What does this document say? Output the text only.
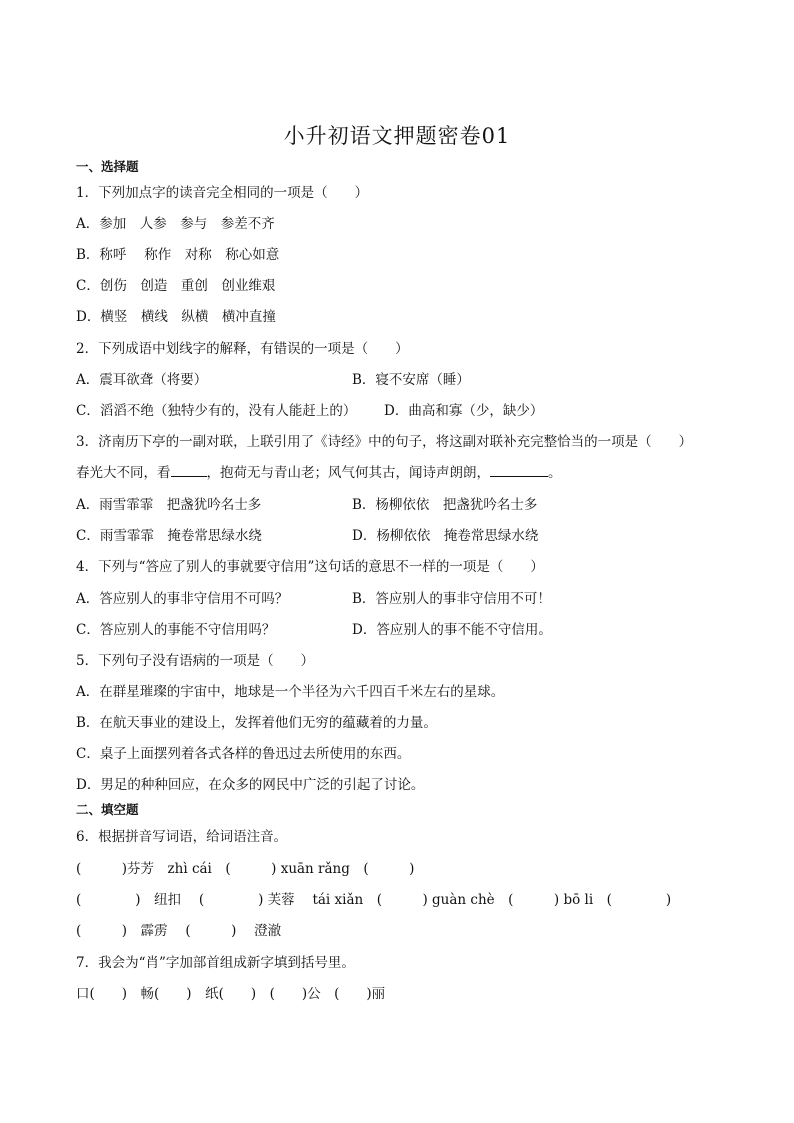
小升初语文押题密卷01
一、选择题
1．下列加点字的读音完全相同的一项是（　　）
A．参加　人参　参与　参差不齐
B．称呼　 称作　对称　称心如意
C．创伤　创造　重创　创业维艰
D．横竖　横线　纵横　横冲直撞
2．下列成语中划线字的解释，有错误的一项是（　　）
A．震耳欲聋（将要）	B．寝不安席（睡）
C．滔滔不绝（独特少有的，没有人能赶上的） D．曲高和寡（少，缺少）
3．济南历下亭的一副对联，上联引用了《诗经》中的句子，将这副对联补充完整恰当的一项是（　　）
春光大不同，看	，抱荷无与青山老；风气何其古，闻诗声朗朗，	。
A．雨雪霏霏　把盏犹吟名士多	B．杨柳依依　把盏犹吟名士多
C．雨雪霏霏　掩卷常思绿水绕	D．杨柳依依　掩卷常思绿水绕
4．下列与“答应了别人的事就要守信用”这句话的意思不一样的一项是（　　）
A．答应别人的事非守信用不可吗？	B．答应别人的事非守信用不可！
C．答应别人的事能不守信用吗？	D．答应别人的事不能不守信用。
5．下列句子没有语病的一项是（　　）
A．在群星璀璨的宇宙中，地球是一个半径为六千四百千米左右的星球。
B．在航天事业的建设上，发挥着他们无穷的蕴藏着的力量。
C．桌子上面摆列着各式各样的鲁迅过去所使用的东西。
D．男足的种种回应，在众多的网民中广泛的引起了讨论。
二、填空题
6．根据拼音写词语，给词语注音。
(　　　)芬芳　zhì cái　(　　　) xuān rǎng　(　　　)
(　　　　)　纽扣　 (　　　　) 芙蓉　 tái xiǎn　(　　　) guàn chè　(　　　) bō li　(　　　　)
(　　　)　霹雳　 (　　　)　 澄澈
7．我会为“肖”字加部首组成新字填到括号里。
口(　　)　畅(　　)　纸(　　)　(　　)公　(　　)丽
